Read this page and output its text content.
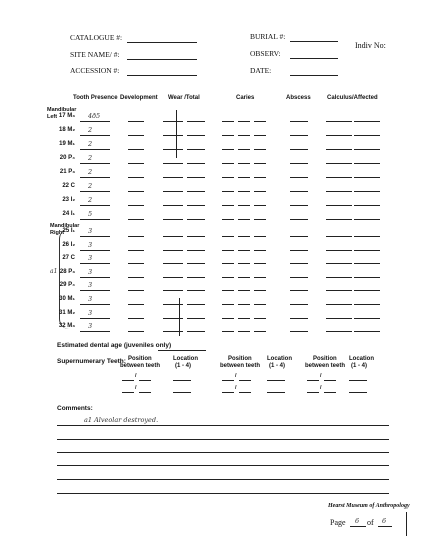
CATALOGUE #:
SITE NAME/ #:
ACCESSION #:
BURIAL #:
OBSERV:
DATE:
Indiv No:
Tooth Presence Development Wear /Total	Caries	Abscess	Calculus/Affected
Mandibular
Left 17 M₃ 4ð5
18 M₂ 2
19 M₁ 2
20 P₄ 2
21 P₃ 2
22 C 2
23 I₂ 2
24 I₁ 5
Mandibular
Right
a1
25 I₁ 3
26 I₂ 3
27 C 3
28 P₃ 3
29 P₄ 3
30 M₁ 3
31 M₂ 3
32 M₃ 3
Estimated dental age (juveniles only)
Supernumerary Teeth: Position
between teeth
Location
(1 - 4)
/
/
Position
between teeth
Location
(1 - 4)
/
/
Position
between teeth
Location
(1 - 4)
/
/
Comments:
a1 Alveolar destroyed.
Hearst Museum of Anthropology
Page 6 of 6
